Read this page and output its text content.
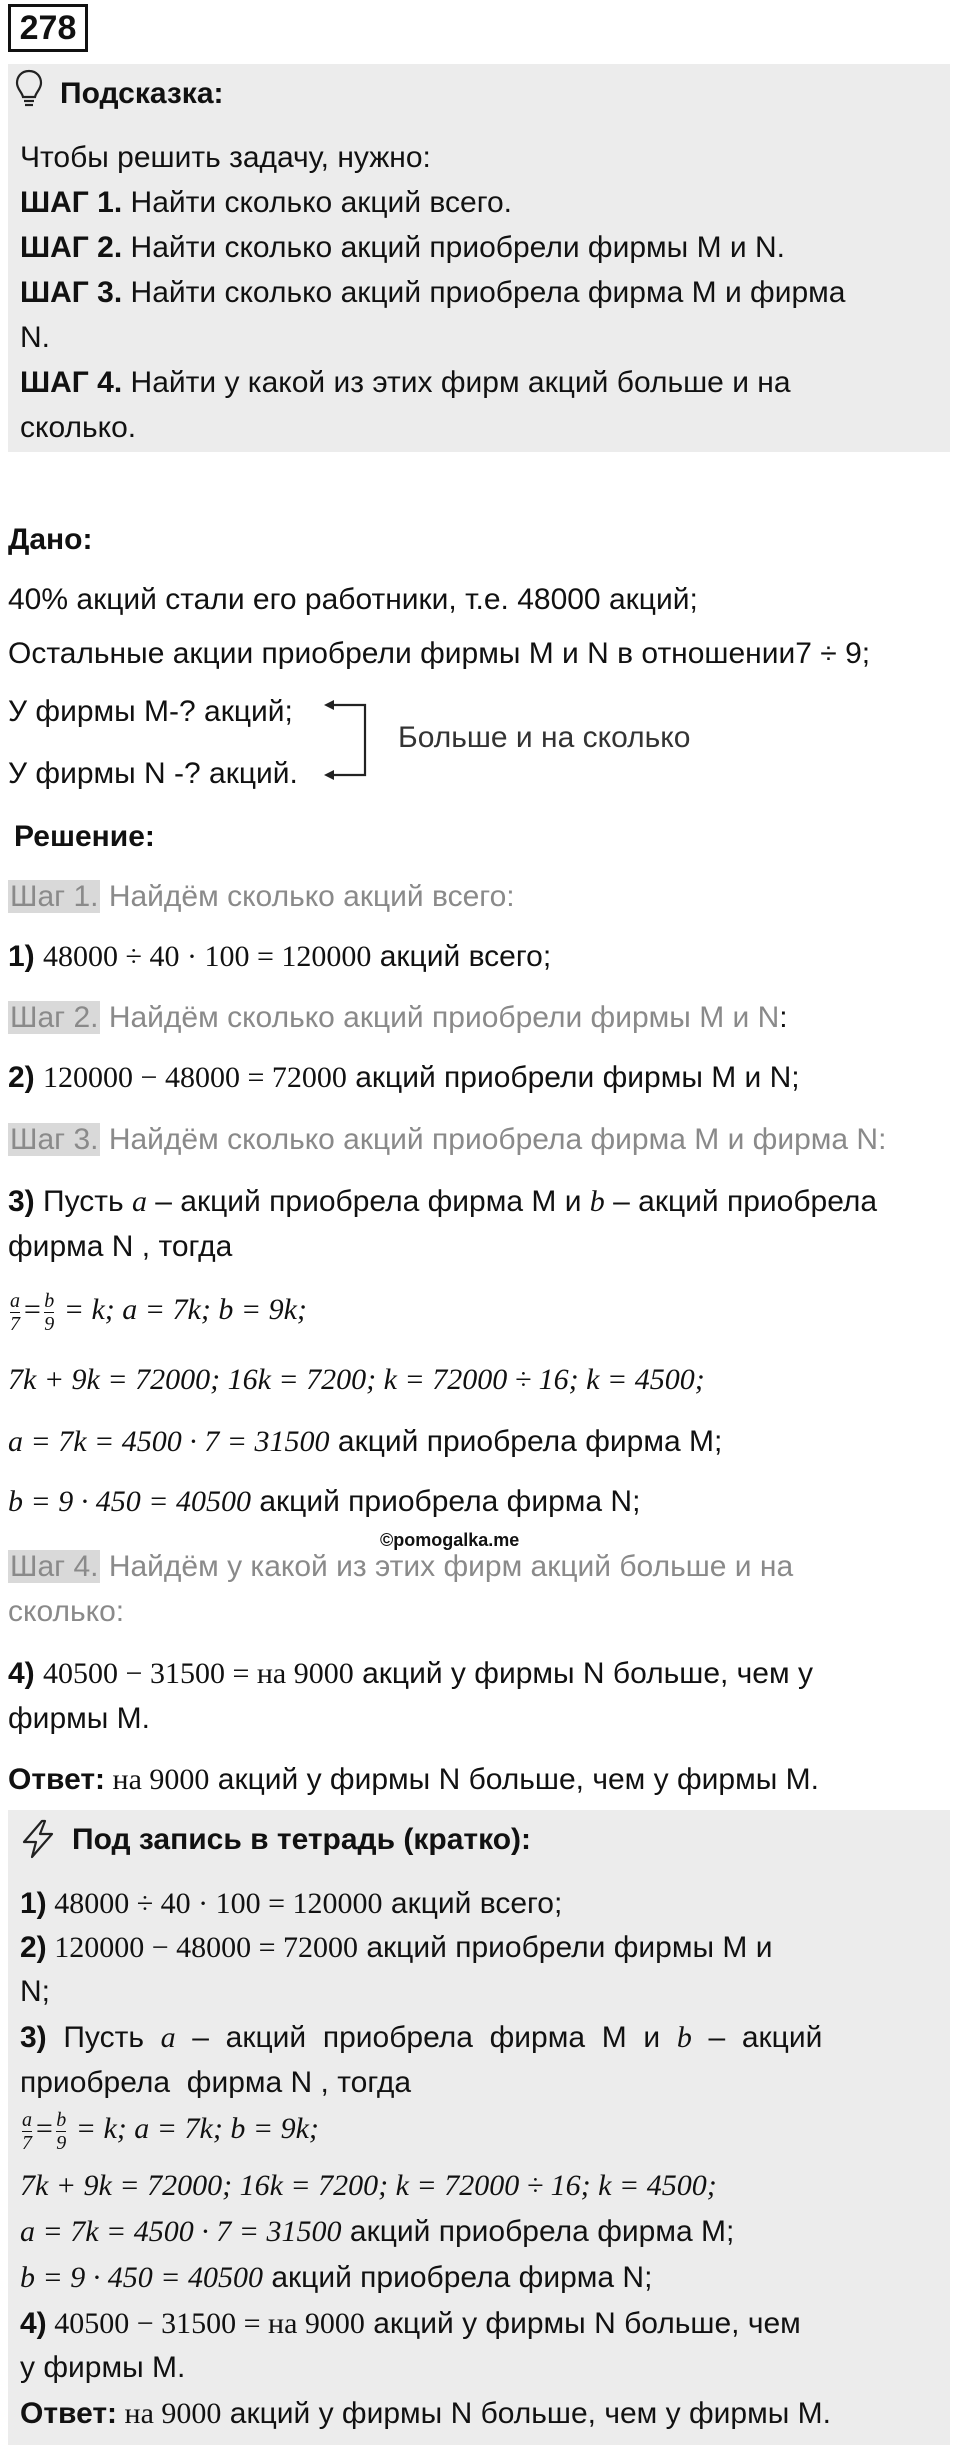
278
Подсказка:
Чтобы решить задачу, нужно:
ШАГ 1. Найти сколько акций всего.
ШАГ 2. Найти сколько акций приобрели фирмы М и N.
ШАГ 3. Найти сколько акций приобрела фирма М и фирма
N.
ШАГ 4. Найти у какой из этих фирм акций больше и на
сколько.
Дано:
40% акций стали его работники, т.е. 48000 акций;
Остальные акции приобрели фирмы М и N в отношении7 ÷ 9;
У фирмы М-? акций;
У фирмы N -? акций.
Больше и на сколько
Решение:
Шаг 1. Найдём сколько акций всего:
1) 48000 ÷ 40 · 100 = 120000 акций всего;
Шаг 2. Найдём сколько акций приобрели фирмы М и N:
2) 120000 − 48000 = 72000 акций приобрели фирмы М и N;
Шаг 3. Найдём сколько акций приобрела фирма М и фирма N:
3) Пусть a – акций приобрела фирма М и b – акций приобрела
фирма N , тогда
$\frac{a}{7} = \frac{b}{9} = k$; a = 7k; b = 9k;
7k + 9k = 72000; 16k = 7200; k = 72000 ÷ 16; k = 4500;
a = 7k = 4500 · 7 = 31500 акций приобрела фирма М;
b = 9 · 450 = 40500 акций приобрела фирма N;
©pomogalka.me
Шаг 4. Найдём у какой из этих фирм акций больше и на
сколько:
4) 40500 − 31500 = на 9000 акций у фирмы N больше, чем у
фирмы М.
Ответ: на 9000 акций у фирмы N больше, чем у фирмы М.
Под запись в тетрадь (кратко):
1) 48000 ÷ 40 · 100 = 120000 акций всего;
2) 120000 − 48000 = 72000 акций приобрели фирмы М и
N;
3)  Пусть  a  –  акций  приобрела  фирма  М  и  b  –  акций
приобрела  фирма N , тогда
$\frac{a}{7} = \frac{b}{9} = k$; a = 7k; b = 9k;
7k + 9k = 72000; 16k = 7200; k = 72000 ÷ 16; k = 4500;
a = 7k = 4500 · 7 = 31500 акций приобрела фирма М;
b = 9 · 450 = 40500 акций приобрела фирма N;
4) 40500 − 31500 = на 9000 акций у фирмы N больше, чем
у фирмы М.
Ответ: на 9000 акций у фирмы N больше, чем у фирмы М.
